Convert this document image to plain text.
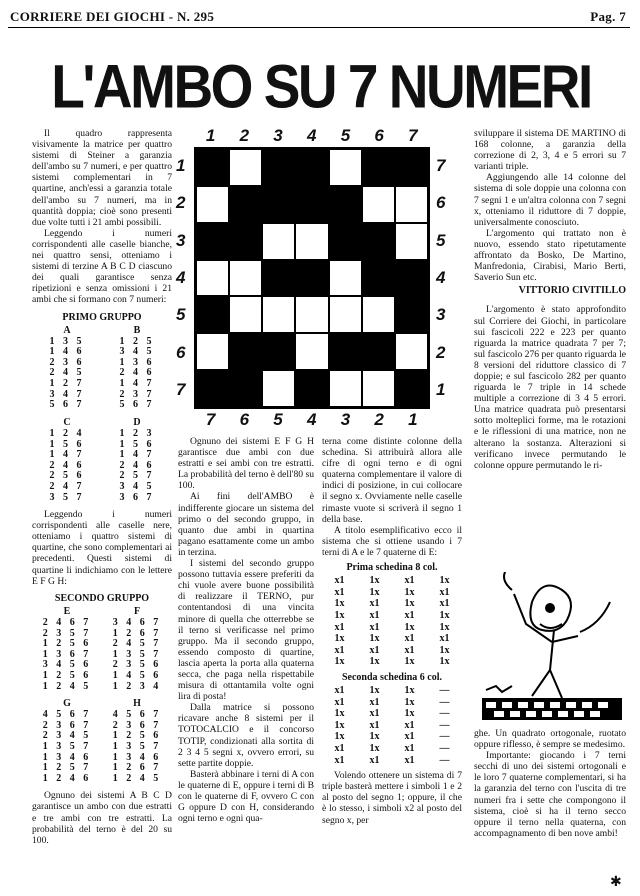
CORRIERE DEI GIOCHI - N. 295	Pag. 7
L'AMBO SU 7 NUMERI

Il quadro rappresenta visivamente la matrice per quattro sistemi di Steiner a garanzia dell'ambo su 7 numeri, e per quattro sistemi complementari in 7 quartine, anch'essi a garanzia totale dell'ambo su 7 numeri, ma in quantità doppia; cioè sono presenti due volte tutti i 21 ambi possibili.

Leggendo i numeri corrispondenti alle caselle bianche, nei quattro sensi, otteniamo i sistemi di terzine A B C D ciascuno dei quali garantisce senza ripetizioni e senza omissioni i 21 ambi che si formano con 7 numeri:

PRIMO GRUPPO
A
1 3 5
1 4 6
2 3 6
2 4 5
1 2 7
3 4 7
5 6 7
B
1 2 5
3 4 5
1 3 6
2 4 6
1 4 7
2 3 7
5 6 7
C
1 2 4
1 5 6
1 4 7
2 4 6
2 5 6
2 4 7
3 5 7
D
1 2 3
1 5 6
1 4 7
2 4 6
2 5 7
3 4 5
3 6 7

Leggendo i numeri corrispondenti alle caselle nere, otteniamo i quattro sistemi di quartine, che sono complementari ai precedenti. Questi sistemi di quartine li indichiamo con le lettere E F G H:

SECONDO GRUPPO
E
2 4 6 7
2 3 5 7
1 2 5 6
1 3 6 7
3 4 5 6
1 2 5 6
1 2 4 5
F
3 4 6 7
1 2 6 7
2 4 5 7
1 3 5 7
2 3 5 6
1 4 5 6
1 2 3 4
G
4 5 6 7
2 3 6 7
2 3 4 5
1 3 5 7
1 3 4 6
1 2 5 7
1 2 4 6
H
4 5 6 7
2 3 6 7
1 2 5 6
1 3 5 7
1 3 4 6
1 2 6 7
1 2 4 5

Ognuno dei sistemi A B C D garantisce un ambo con due estratti e tre ambi con tre estratti. La probabilità del terno è del 20 su 100.

1 2 3 4 5 6 7
7 6 5 4 3 2 1
1
2
3
4
5
6
7
7
6
5
4
3
2
1

Ognuno dei sistemi E F G H garantisce due ambi con due estratti e sei ambi con tre estratti. La probabilità del terno è dell'80 su 100.

Ai fini dell'AMBO è indifferente giocare un sistema del primo o del secondo gruppo, in quanto due ambi in quartina pagano esattamente come un ambo in terzina.

I sistemi del secondo gruppo possono tuttavia essere preferiti da chi vuole avere buone possibilità di realizzare il TERNO, pur contentandosi di una vincita minore di quella che otterrebbe se il terno si verificasse nel primo gruppo. Ma il secondo gruppo, essendo composto di quartine, lascia aperta la porta alla quaterna secca, che paga nella rispettabile misura di ottantamila volte ogni lira di posta!

Dalla matrice si possono ricavare anche 8 sistemi per il TOTOCALCIO e il concorso TOTIP, condizionati alla sortita di 2 3 4 5 segni x, ovvero errori, su sette partite doppie.

Basterà abbinare i terni di A con le quaterne di E, oppure i terni di B con le quaterne di F, ovvero C con G oppure D con H, considerando ogni terno e ogni qua-

terna come distinte colonne della schedina. Si attribuirà allora alle cifre di ogni terno e di ogni quaterna complementare il valore di indici di posizione, in cui collocare il segno x. Ovviamente nelle caselle rimaste vuote si scriverà il segno 1 della base.

A titolo esemplificativo ecco il sistema che si ottiene usando i 7 terni di A e le 7 quaterne di E:

Prima schedina 8 col.
x1	1x	x1	1x
x1	1x	1x	x1
1x	x1	1x	x1
1x	x1	x1	1x
x1	x1	1x	1x
1x	1x	x1	x1
x1	x1	x1	1x
1x	1x	1x	1x
Seconda schedina 6 col.
x1	1x	1x	—
x1	x1	1x	—
1x	x1	1x	—
1x	x1	x1	—
1x	1x	x1	—
x1	1x	x1	—
x1	x1	x1	—

Volendo ottenere un sistema di 7 triple basterà mettere i simboli 1 e 2 al posto del segno 1; oppure, il che è lo stesso, i simboli x2 al posto del segno x, per

sviluppare il sistema DE MARTINO di 168 colonne, a garanzia della correzione di 2, 3, 4 e 5 errori su 7 varianti triple.

Aggiungendo alle 14 colonne del sistema di sole doppie una colonna con 7 segni 1 e un'altra colonna con 7 segni x, otteniamo il riduttore di 7 doppie, universalmente conosciuto.

L'argomento qui trattato non è nuovo, essendo stato ripetutamente affrontato da Bosko, De Martino, Manfredonia, Cirabisi, Mario Berti, Saverio Sun etc.

VITTORIO CIVITILLO

L'argomento è stato approfondito sul Corriere dei Giochi, in particolare sui fascicoli 222 e 223 per quanto riguarda la matrice quadrata 7 per 7; sul fascicolo 276 per quanto riguarda le 8 versioni del riduttore classico di 7 doppie; e sul fascicolo 282 per quanto riguarda le 7 triple in 14 schede multiple a correzione di 3 4 5 errori. Una matrice quadrata può presentarsi sotto molteplici forme, ma le rotazioni e le riflessioni di una matrice, non ne alterano la sostanza. Alterazioni si verificano invece permutando le colonne oppure permutando le ri-

ghe. Un quadrato ortogonale, ruotato oppure riflesso, è sempre se medesimo.

Importante: giocando i 7 terni secchi di uno dei sistemi ortogonali e le loro 7 quaterne complementari, si ha la garanzia del terno con l'uscita di tre numeri fra i sette che compongono il sistema, cioè si ha il terno secco oppure il terno nella quaterna, con accompagnamento di ben nove ambi!

✱
